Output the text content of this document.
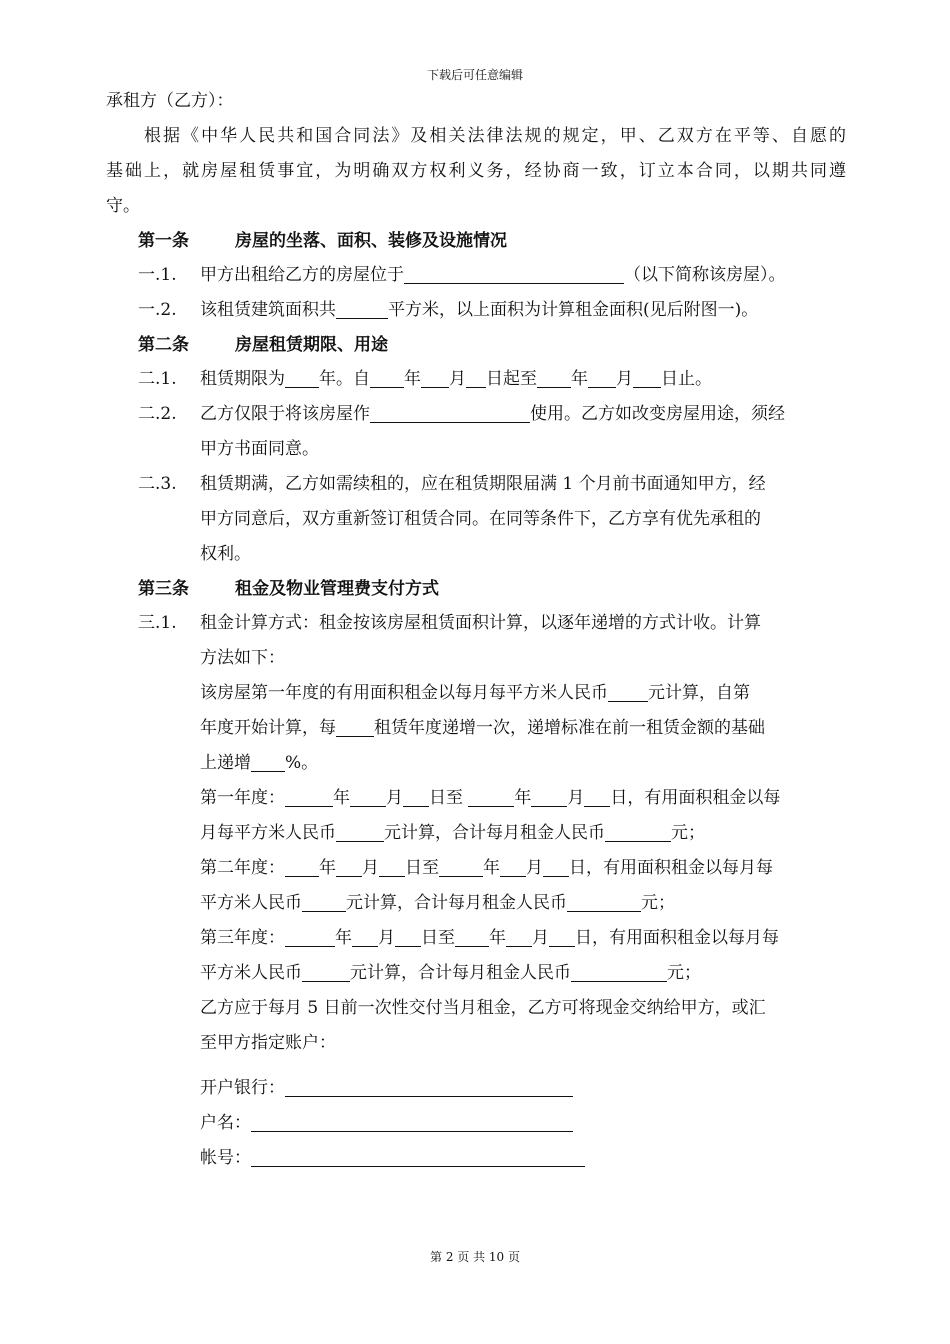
下载后可任意编辑
承租方（乙方）：
根据《中华人民共和国合同法》及相关法律法规的规定，甲、乙双方在平等、自愿的
基础上，就房屋租赁事宜，为明确双方权利义务，经协商一致，订立本合同，以期共同遵
守。
第一条	房屋的坐落、面积、装修及设施情况
一.1. 甲方出租给乙方的房屋位于	（以下简称该房屋）。
一.2. 该租赁建筑面积共	平方米，以上面积为计算租金面积(见后附图一)。
第二条	房屋租赁期限、用途
二.1. 租赁期限为 年。自 年 月 日起至 年 月 日止。
二.2. 乙方仅限于将该房屋作	使用。乙方如改变房屋用途，须经
甲方书面同意。
二.3. 租赁期满，乙方如需续租的，应在租赁期限届满 1 个月前书面通知甲方，经
甲方同意后，双方重新签订租赁合同。在同等条件下，乙方享有优先承租的
权利。
第三条	租金及物业管理费支付方式
三.1. 租金计算方式：租金按该房屋租赁面积计算，以逐年递增的方式计收。计算
方法如下：
该房屋第一年度的有用面积租金以每月每平方米人民币 元计算，自第
年度开始计算，每 租赁年度递增一次，递增标准在前一租赁金额的基础
上递增 %。
第一年度：	年 月 日至	年 月 日，有用面积租金以每
月每平方米人民币	元计算，合计每月租金人民币	元；
第二年度： 年 月 日至	年 月 日，有用面积租金以每月每
平方米人民币	元计算，合计每月租金人民币	元；
第三年度：	年 月 日至 年 月 日，有用面积租金以每月每
平方米人民币	元计算，合计每月租金人民币	元；
乙方应于每月 5 日前一次性交付当月租金，乙方可将现金交纳给甲方，或汇
至甲方指定账户：
开户银行：
户名：
帐号：
第 2 页 共 10 页
